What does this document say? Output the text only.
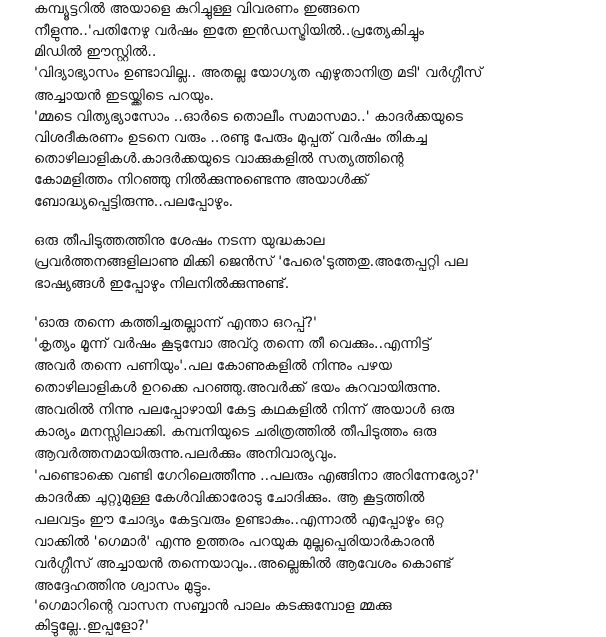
കമ്പ്യൂട്ടറിൽ അയാളെ കുറിച്ചുള്ള വിവരണം ഇങ്ങനെ
നീളുന്നു..'പതിനേഴു വർഷം ഇതേ ഇൻഡസ്ട്രിയിൽ..പ്രത്യേകിച്ചും
മിഡിൽ ഈസ്റ്റിൽ..
'വിദ്യാഭ്യാസം ഉണ്ടാവില്ല.. അതല്ല യോഗ്യത എഴുതാനിത്ര മടി' വർഗ്ഗീസ്
അച്ചായൻ ഇടയ്ക്കിടെ പറയും.
'മ്മടെ വിത്യഭ്യാസോം ..ഓർടെ തൊലീം സമാസമാ..' കാദർക്കയുടെ
വിശദീകരണം ഉടനെ വരും ..രണ്ടു പേരും മുപ്പത് വർഷം തികച്ച
തൊഴിലാളികൾ.കാദർക്കയുടെ വാക്കുകളിൽ സത്യത്തിന്റെ
കോമളിത്തം നിറഞ്ഞു നിൽക്കുന്നുണ്ടെന്നു അയാൾക്ക്
ബോദ്ധ്യപ്പെട്ടിരുന്നു..പലപ്പോഴും.
ഒരു തീപിടുത്തത്തിനു ശേഷം നടന്ന യുദ്ധകാല
പ്രവർത്തനങ്ങളിലാണു മിക്കി ജെൻസ് 'പേരെ'ടുത്തതു.അതേപ്പറ്റി പല
ഭാഷ്യങ്ങൾ ഇപ്പോഴും നിലനിൽക്കുന്നുണ്ട്.
'ഓരു തന്നെ കത്തിച്ചതല്ലാന്ന് എന്താ ഒറപ്പ്?'
'കൃത്യം മൂന്ന് വർഷം കൂടുമ്പോ അവ്റു തന്നെ തീ വെക്കും..എന്നിട്ട്
അവർ തന്നെ പണിയും'.പല കോണുകളിൽ നിന്നും പഴയ
തൊഴിലാളികൾ ഉറക്കെ പറഞ്ഞു.അവർക്ക് ഭയം കുറവായിരുന്നു.
അവരിൽ നിന്നു പലപ്പോഴായി കേട്ട കഥകളിൽ നിന്ന് അയാൾ ഒരു
കാര്യം മനസ്സിലാക്കി. കമ്പനിയുടെ ചരിത്രത്തിൽ തീപിടുത്തം ഒരു
ആവർത്തനമായിരുന്നു.പലർക്കും അനിവാര്യവും.
'പണ്ടൊക്കെ വണ്ടി ഗേറിലെത്തീന്നു ..പലരും എങ്ങിനാ അറിന്നേര്യോ?'
കാദർക്ക ചുറ്റുമുള്ള കേൾവിക്കാരോടു ചോദിക്കും. ആ കൂട്ടത്തിൽ
പലവട്ടം ഈ ചോദ്യം കേട്ടവരും ഉണ്ടാകും..എന്നാൽ എപ്പോഴും ഒറ്റ
വാക്കിൽ 'ഗെമാർ' എന്നു ഉത്തരം പറയുക മുല്ലപ്പെരിയാർകാരൻ
വർഗ്ഗീസ് അച്ചായൻ തന്നെയാവും..അല്ലെങ്കിൽ ആവേശം കൊണ്ട്
അദ്ദേഹത്തിനു ശ്വാസം മുട്ടും.
'ഗെമാറിന്റെ വാസന സബ്ബാൻ പാലം കടക്കുമ്പോള മ്മക്കു
കിട്ടുല്ലേ..ഇപ്പളോ?'
